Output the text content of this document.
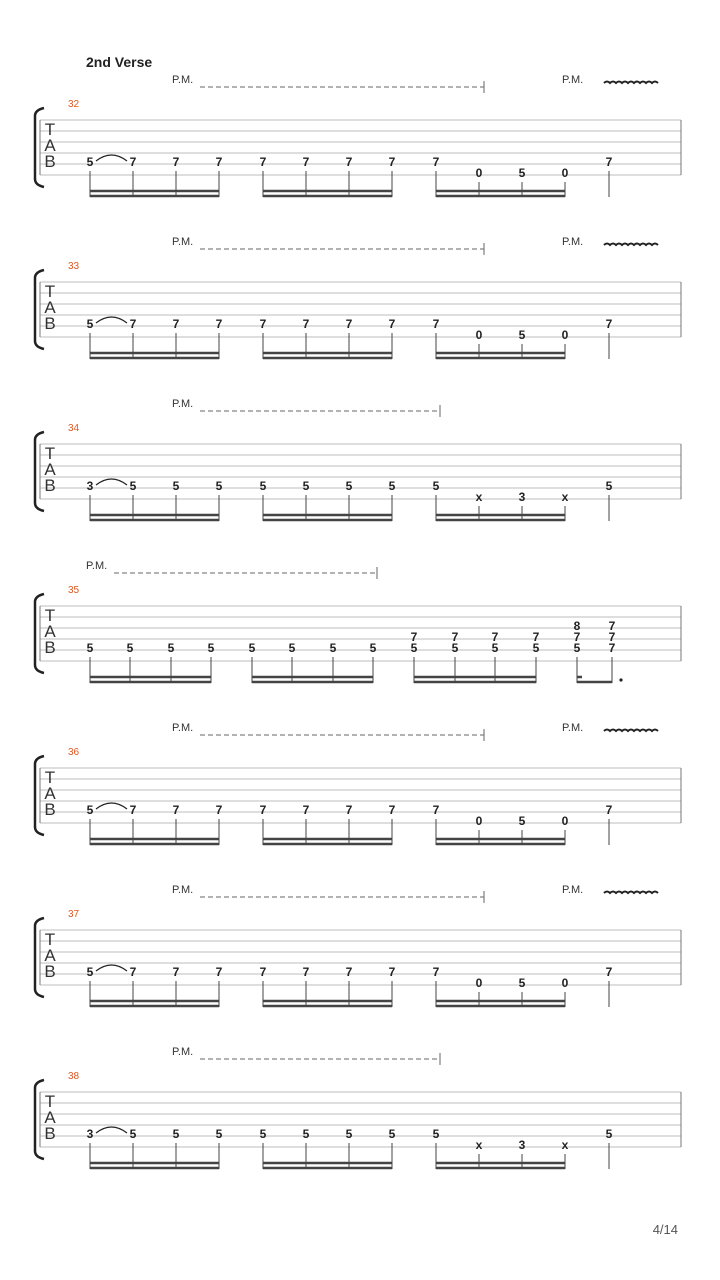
2nd Verse
T
A
B
32
P.M.	P.M.
5	7	7	7	7	7	7	7	7
0	5	0
7
T
A
B
33
P.M.	P.M.
5	7	7	7	7	7	7	7	7
0	5	0
7
T
A
B
34
P.M.
3	5	5	5	5	5	5	5	5
x	3	x
5
T
A
B
35
P.M.
5	5	5	5	5	5	5	5
7
5
7
5
7
5
7
5
8
7
5
7
7
7
T
A
B
36
P.M.	P.M.
5	7	7	7	7	7	7	7	7
0	5	0
7
T
A
B
37
P.M.	P.M.
5	7	7	7	7	7	7	7	7
0	5	0
7
T
A
B
38
P.M.
3	5	5	5	5	5	5	5	5
x	3	x
5
4/14
